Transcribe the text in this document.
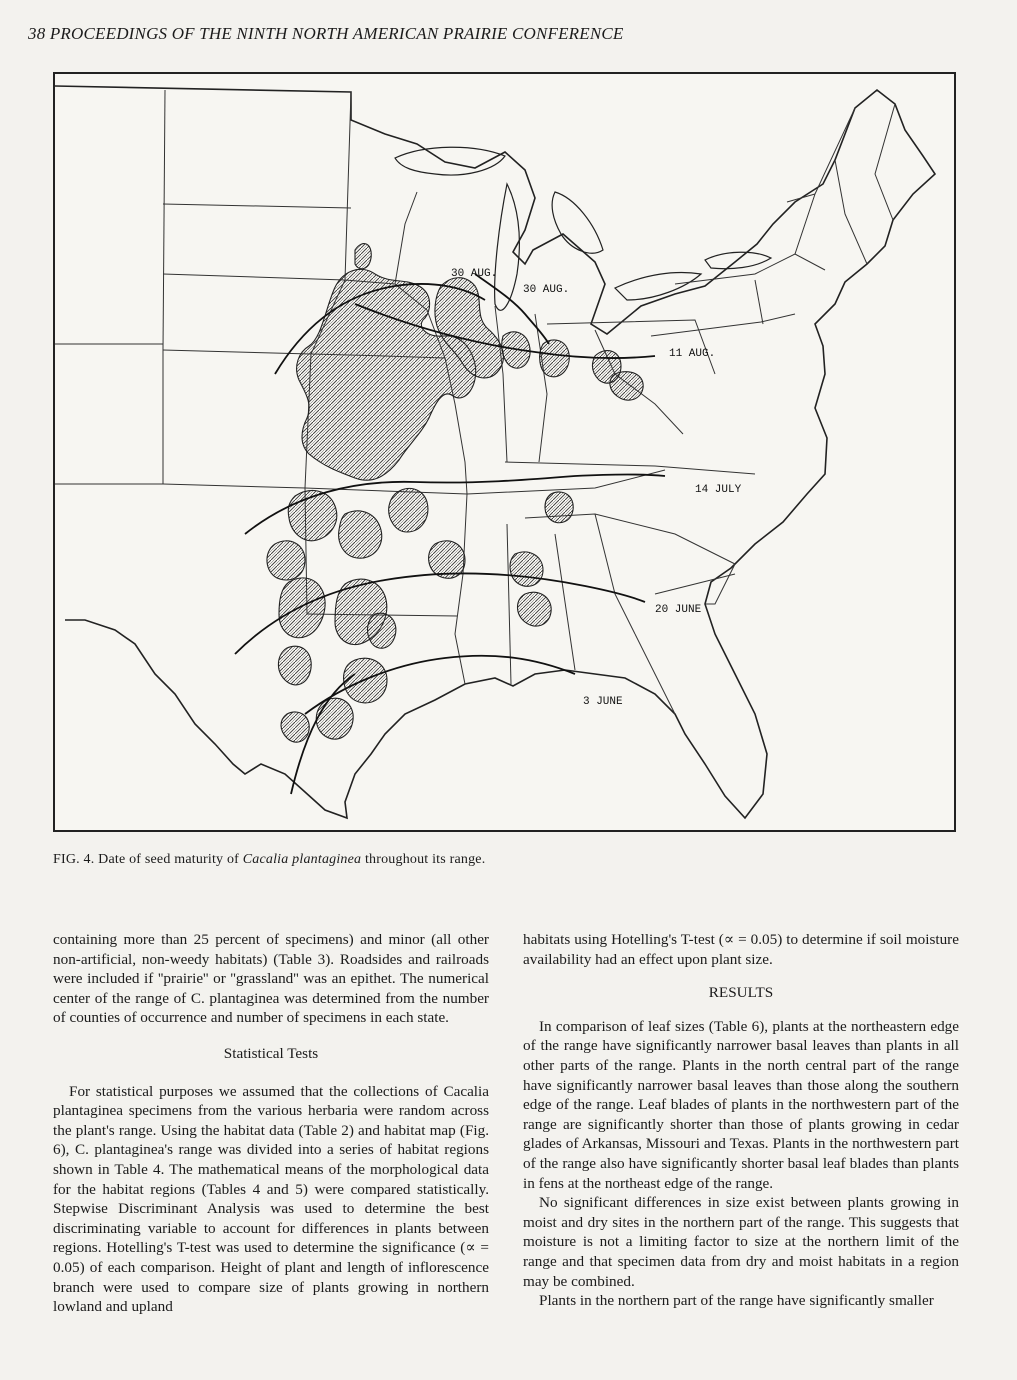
38 PROCEEDINGS OF THE NINTH NORTH AMERICAN PRAIRIE CONFERENCE
30 AUG.
30 AUG.
11 AUG.
14 JULY
20 JUNE
3 JUNE
FIG. 4. Date of seed maturity of Cacalia plantaginea throughout its range.

containing more than 25 percent of specimens) and minor (all other non-artificial, non-weedy habitats) (Table 3). Roadsides and railroads were included if ''prairie'' or ''grassland'' was an epithet. The numerical center of the range of C. plantaginea was determined from the number of counties of occurrence and number of specimens in each state.

Statistical Tests

For statistical purposes we assumed that the collections of Cacalia plantaginea specimens from the various herbaria were random across the plant's range. Using the habitat data (Table 2) and habitat map (Fig. 6), C. plantaginea's range was divided into a series of habitat regions shown in Table 4. The mathematical means of the morphological data for the habitat regions (Tables 4 and 5) were compared statistically. Stepwise Discriminant Analysis was used to determine the best discriminating variable to account for differences in plants between regions. Hotelling's T-test was used to determine the significance (∝ = 0.05) of each comparison. Height of plant and length of inflorescence branch were used to compare size of plants growing in northern lowland and upland

habitats using Hotelling's T-test (∝ = 0.05) to determine if soil moisture availability had an effect upon plant size.

RESULTS

In comparison of leaf sizes (Table 6), plants at the northeastern edge of the range have significantly narrower basal leaves than plants in all other parts of the range. Plants in the north central part of the range have significantly narrower basal leaves than those along the southern edge of the range. Leaf blades of plants in the northwestern part of the range are significantly shorter than those of plants growing in cedar glades of Arkansas, Missouri and Texas. Plants in the northwestern part of the range also have significantly shorter basal leaf blades than plants in fens at the northeast edge of the range.

No significant differences in size exist between plants growing in moist and dry sites in the northern part of the range. This suggests that moisture is not a limiting factor to size at the northern limit of the range and that specimen data from dry and moist habitats in a region may be combined.

Plants in the northern part of the range have significantly smaller
